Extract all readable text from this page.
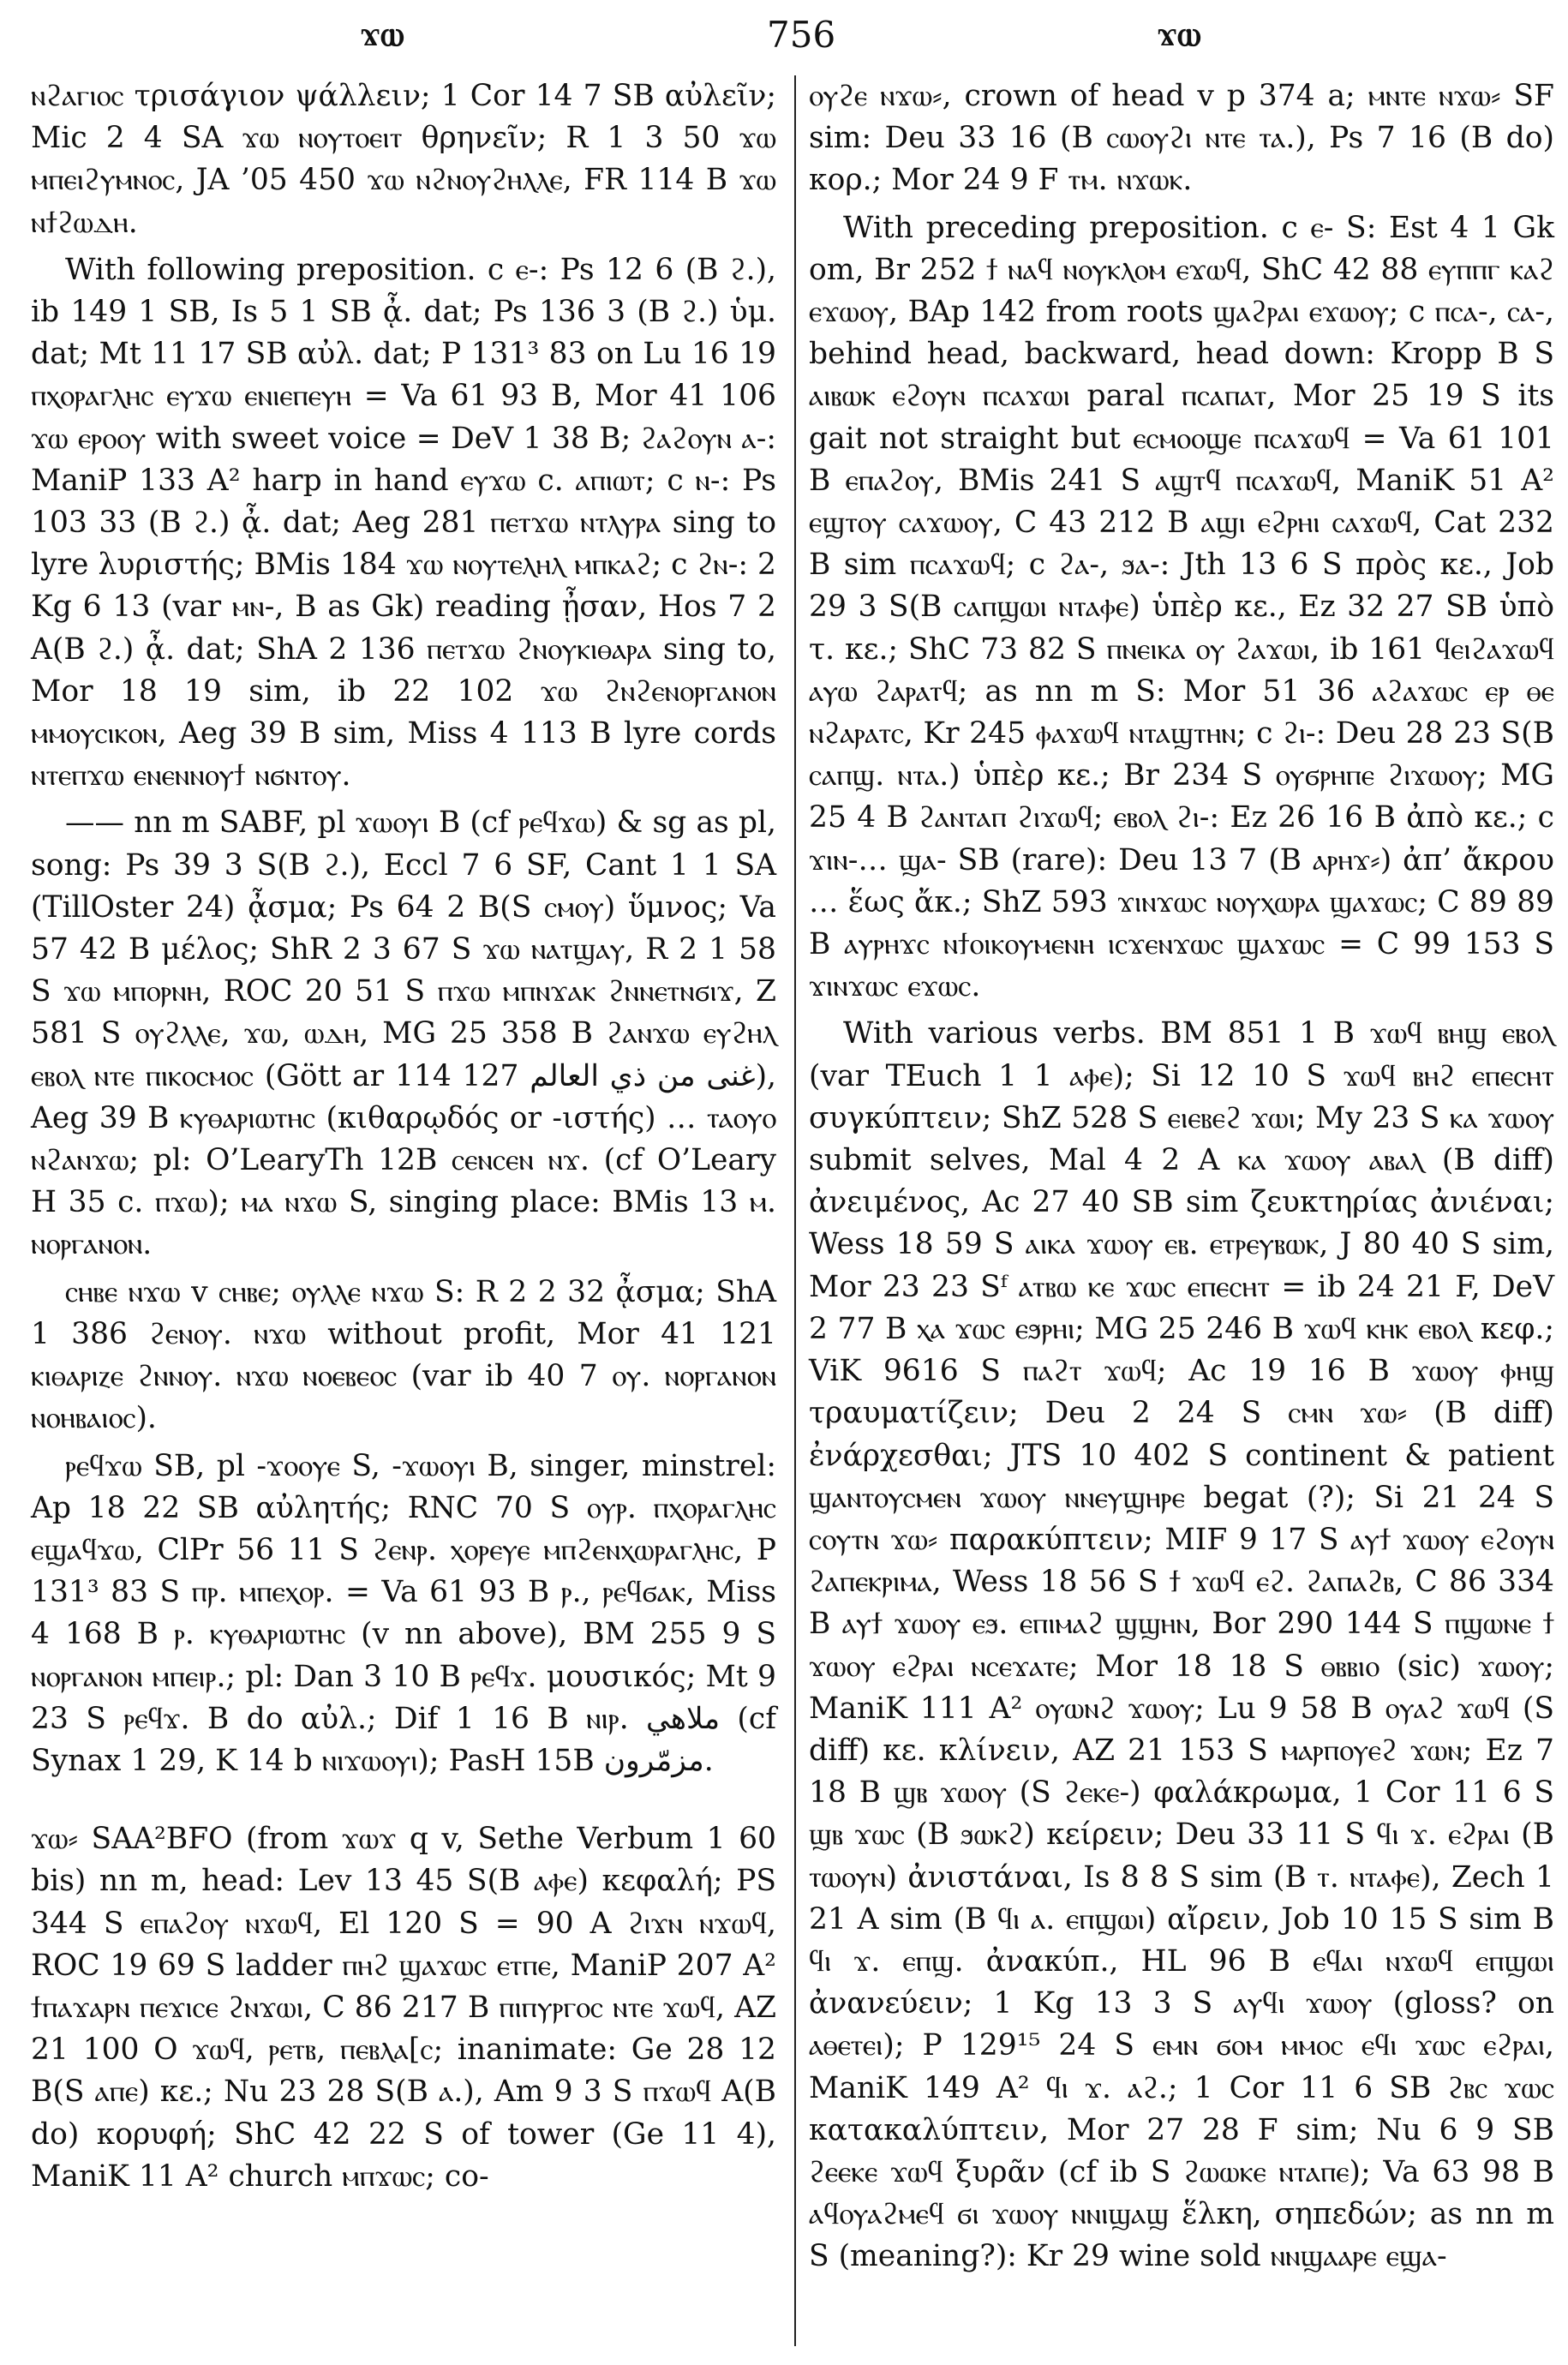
ϫⲱ	756	ϫⲱ

ⲛϩⲁⲅⲓⲟⲥ τρισάγιον ψάλλειν; 1 Cor 14 7 SB αὐλεῖν; Mic 2 4 SA ϫⲱ ⲛⲟⲩⲧⲟⲉⲓⲧ θρηνεῖν; R 1 3 50 ϫⲱ ⲙⲡⲉⲓϩⲩⲙⲛⲟⲥ, JA ’05 450 ϫⲱ ⲛϩⲛⲟⲩϩⲏⲗⲗⲉ, FR 114 B ϫⲱ ⲛϯϩⲱⲇⲏ.

With following preposition. c ⲉ-: Ps 12 6 (B ϩ.), ib 149 1 SB, Is 5 1 SB ᾆ. dat; Ps 136 3 (B ϩ.) ὑμ. dat; Mt 11 17 SB αὐλ. dat; P 131³ 83 on Lu 16 19 ⲡⲭⲟⲣⲁⲅⲗⲏⲥ ⲉⲩϫⲱ ⲉⲛⲓⲉⲡⲉⲩⲏ = Va 61 93 B, Mor 41 106 ϫⲱ ⲉⲣⲟⲟⲩ with sweet voice = DeV 1 38 B; ϩⲁϩⲟⲩⲛ ⲁ-: ManiP 133 A² harp in hand ⲉⲩϫⲱ c. ⲁⲡⲓⲱⲧ; c ⲛ-: Ps 103 33 (B ϩ.) ᾆ. dat; Aeg 281 ⲡⲉⲧϫⲱ ⲛⲧⲗⲩⲣⲁ sing to lyre λυριστής; BMis 184 ϫⲱ ⲛⲟⲩⲧⲉⲗⲏⲗ ⲙⲡⲕⲁϩ; c ϩⲛ-: 2 Kg 6 13 (var ⲙⲛ-, B as Gk) reading ᾖσαν, Hos 7 2 A(B ϩ.) ᾆ. dat; ShA 2 136 ⲡⲉⲧϫⲱ ϩⲛⲟⲩⲕⲓⲑⲁⲣⲁ sing to, Mor 18 19 sim, ib 22 102 ϫⲱ ϩⲛϩⲉⲛⲟⲣⲅⲁⲛⲟⲛ ⲙⲙⲟⲩⲥⲓⲕⲟⲛ, Aeg 39 B sim, Miss 4 113 B lyre cords ⲛⲧⲉⲡϫⲱ ⲉⲛⲉⲛⲛⲟⲩϯ ⲛϭⲛⲧⲟⲩ.

—— nn m SABF, pl ϫⲱⲟⲩⲓ B (cf ⲣⲉϥϫⲱ) & sg as pl, song: Ps 39 3 S(B ϩ.), Eccl 7 6 SF, Cant 1 1 SA (TillOster 24) ᾆσμα; Ps 64 2 B(S ⲥⲙⲟⲩ) ὕμνος; Va 57 42 B μέλος; ShR 2 3 67 S ϫⲱ ⲛⲁⲧϣⲁⲩ, R 2 1 58 S ϫⲱ ⲙⲡⲟⲣⲛⲏ, ROC 20 51 S ⲡϫⲱ ⲙⲡⲛϫⲁⲕ ϩⲛⲛⲉⲧⲛϭⲓϫ, Z 581 S ⲟⲩϩⲗⲗⲉ, ϫⲱ, ⲱⲇⲏ, MG 25 358 B ϩⲁⲛϫⲱ ⲉⲩϩⲏⲗ ⲉⲃⲟⲗ ⲛⲧⲉ ⲡⲓⲕⲟⲥⲙⲟⲥ (Gött ar 114 127 غنى من ذي العالم), Aeg 39 B ⲕⲩⲑⲁⲣⲓⲱⲧⲏⲥ (κιθαρῳδός or -ιστής) … ⲧⲁⲟⲩⲟ ⲛϩⲁⲛϫⲱ; pl: O’LearyTh 12B ⲥⲉⲛⲥⲉⲛ ⲛϫ. (cf O’Leary H 35 c. ⲡϫⲱ); ⲙⲁ ⲛϫⲱ S, singing place: BMis 13 ⲙ. ⲛⲟⲣⲅⲁⲛⲟⲛ.

ⲥⲏⲃⲉ ⲛϫⲱ v ⲥⲏⲃⲉ; ⲟⲩⲗⲗⲉ ⲛϫⲱ S: R 2 2 32 ᾆσμα; ShA 1 386 ϩⲉⲛⲟⲩ. ⲛϫⲱ without profit, Mor 41 121 ⲕⲓⲑⲁⲣⲓⲍⲉ ϩⲛⲛⲟⲩ. ⲛϫⲱ ⲛⲟⲉⲃⲉⲟⲥ (var ib 40 7 ⲟⲩ. ⲛⲟⲣⲅⲁⲛⲟⲛ ⲛⲟⲏⲃⲁⲓⲟⲥ).

ⲣⲉϥϫⲱ SB, pl -ϫⲟⲟⲩⲉ S, -ϫⲱⲟⲩⲓ B, singer, minstrel: Ap 18 22 SB αὐλητής; RNC 70 S ⲟⲩⲣ. ⲡⲭⲟⲣⲁⲅⲗⲏⲥ ⲉϣⲁϥϫⲱ, ClPr 56 11 S ϩⲉⲛⲣ. ⲭⲟⲣⲉⲩⲉ ⲙⲡϩⲉⲛⲭⲱⲣⲁⲅⲗⲏⲥ, P 131³ 83 S ⲡⲣ. ⲙⲡⲉⲭⲟⲣ. = Va 61 93 B ⲣ., ⲣⲉϥϭⲁⲕ, Miss 4 168 B ⲣ. ⲕⲩⲑⲁⲣⲓⲱⲧⲏⲥ (v nn above), BM 255 9 S ⲛⲟⲣⲅⲁⲛⲟⲛ ⲙⲡⲉⲓⲣ.; pl: Dan 3 10 B ⲣⲉϥϫ. μουσικός; Mt 9 23 S ⲣⲉϥϫ. B do αὐλ.; Dif 1 16 B ⲛⲓⲣ. ملاهي (cf Synax 1 29, K 14 b ⲛⲓϫⲱⲟⲩⲓ); PasH 15B مزمّرون.

ϫⲱ⸗ SAA²BFO (from ϫⲱϫ q v, Sethe Verbum 1 60 bis) nn m, head: Lev 13 45 S(B ⲁⲫⲉ) κεφαλή; PS 344 S ⲉⲡⲁϩⲟⲩ ⲛϫⲱϥ, El 120 S = 90 A ϩⲓϫⲛ ⲛϫⲱϥ, ROC 19 69 S ladder ⲡⲏϩ ϣⲁϫⲱⲥ ⲉⲧⲡⲉ, ManiP 207 A² ϯⲡⲁϫⲁⲣⲛ ⲡⲉϫⲓⲥⲉ ϩⲛϫⲱⲓ, C 86 217 B ⲡⲓⲡⲩⲣⲅⲟⲥ ⲛⲧⲉ ϫⲱϥ, AZ 21 100 O ϫⲱϥ, ⲣⲉⲧⲃ, ⲡⲉⲃⲗⲁ[ⲥ; inanimate: Ge 28 12 B(S ⲁⲡⲉ) κε.; Nu 23 28 S(B ⲁ.), Am 9 3 S ⲡϫⲱϥ A(B do) κορυφή; ShC 42 22 S of tower (Ge 11 4), ManiK 11 A² church ⲙⲡϫⲱⲥ; co-

ⲟⲩϩⲉ ⲛϫⲱ⸗, crown of head v p 374 a; ⲙⲛⲧⲉ ⲛϫⲱ⸗ SF sim: Deu 33 16 (B ⲥⲱⲟⲩϩⲓ ⲛⲧⲉ ⲧⲁ.), Ps 7 16 (B do) κορ.; Mor 24 9 F ⲧⲙ. ⲛϫⲱⲕ.

With preceding preposition. c ⲉ- S: Est 4 1 Gk om, Br 252 ϯ ⲛⲁϥ ⲛⲟⲩⲕⲗⲟⲙ ⲉϫⲱϥ, ShC 42 88 ⲉⲩⲡⲡⲅ ⲕⲁϩ ⲉϫⲱⲟⲩ, BAp 142 from roots ϣⲁϩⲣⲁⲓ ⲉϫⲱⲟⲩ; c ⲡⲥⲁ-, ⲥⲁ-, behind head, backward, head down: Kropp B S ⲁⲓⲃⲱⲕ ⲉϩⲟⲩⲛ ⲡⲥⲁϫⲱⲓ paral ⲡⲥⲁⲡⲁⲧ, Mor 25 19 S its gait not straight but ⲉⲥⲙⲟⲟϣⲉ ⲡⲥⲁϫⲱϥ = Va 61 101 B ⲉⲡⲁϩⲟⲩ, BMis 241 S ⲁϣⲧϥ ⲡⲥⲁϫⲱϥ, ManiK 51 A² ⲉϣⲧⲟⲩ ⲥⲁϫⲱⲟⲩ, C 43 212 B ⲁϣⲓ ⲉϩⲣⲏⲓ ⲥⲁϫⲱϥ, Cat 232 B sim ⲡⲥⲁϫⲱϥ; c ϩⲁ-, ϧⲁ-: Jth 13 6 S πρὸς κε., Job 29 3 S(B ⲥⲁⲡϣⲱⲓ ⲛⲧⲁⲫⲉ) ὑπὲρ κε., Ez 32 27 SB ὑπὸ τ. κε.; ShC 73 82 S ⲡⲛⲉⲓⲕⲁ ⲟⲩ ϩⲁϫⲱⲓ, ib 161 ϥⲉⲓϩⲁϫⲱϥ ⲁⲩⲱ ϩⲁⲣⲁⲧϥ; as nn m S: Mor 51 36 ⲁϩⲁϫⲱⲥ ⲉⲣ ⲑⲉ ⲛϩⲁⲣⲁⲧⲥ, Kr 245 ⲫⲁϫⲱϥ ⲛⲧⲁϣⲧⲏⲛ; c ϩⲓ-: Deu 28 23 S(B ⲥⲁⲡϣ. ⲛⲧⲁ.) ὑπὲρ κε.; Br 234 S ⲟⲩϭⲣⲏⲡⲉ ϩⲓϫⲱⲟⲩ; MG 25 4 B ϩⲁⲛⲧⲁⲡ ϩⲓϫⲱϥ; ⲉⲃⲟⲗ ϩⲓ-: Ez 26 16 B ἀπὸ κε.; c ϫⲓⲛ-… ϣⲁ- SB (rare): Deu 13 7 (B ⲁⲣⲏϫ⸗) ἀπ’ ἄκρου … ἕως ἄκ.; ShZ 593 ϫⲓⲛϫⲱⲥ ⲛⲟⲩⲭⲱⲣⲁ ϣⲁϫⲱⲥ; C 89 89 B ⲁⲩⲣⲏϫⲥ ⲛϯⲟⲓⲕⲟⲩⲙⲉⲛⲏ ⲓⲥϫⲉⲛϫⲱⲥ ϣⲁϫⲱⲥ = C 99 153 S ϫⲓⲛϫⲱⲥ ⲉϫⲱⲥ.

With various verbs. BM 851 1 B ϫⲱϥ ⲃⲏϣ ⲉⲃⲟⲗ (var TEuch 1 1 ⲁⲫⲉ); Si 12 10 S ϫⲱϥ ⲃⲏϩ ⲉⲡⲉⲥⲏⲧ συγκύπτειν; ShZ 528 S ⲉⲓⲉⲃⲉϩ ϫⲱⲓ; My 23 S ⲕⲁ ϫⲱⲟⲩ submit selves, Mal 4 2 A ⲕⲁ ϫⲱⲟⲩ ⲁⲃⲁⲗ (B diff) ἀνειμένος, Ac 27 40 SB sim ζευκτηρίας ἀνιέναι; Wess 18 59 S ⲁⲓⲕⲁ ϫⲱⲟⲩ ⲉⲃ. ⲉⲧⲣⲉⲩⲃⲱⲕ, J 80 40 S sim, Mor 23 23 Sᶠ ⲁⲧⲃⲱ ⲕⲉ ϫⲱⲥ ⲉⲡⲉⲥⲏⲧ = ib 24 21 F, DeV 2 77 B ⲭⲁ ϫⲱⲥ ⲉϧⲣⲏⲓ; MG 25 246 B ϫⲱϥ ⲕⲏⲕ ⲉⲃⲟⲗ κεφ.; ViK 9616 S ⲡⲁϩⲧ ϫⲱϥ; Ac 19 16 B ϫⲱⲟⲩ ⲫⲏϣ τραυματίζειν; Deu 2 24 S ⲥⲙⲛ ϫⲱ⸗ (B diff) ἐνάρχεσθαι; JTS 10 402 S continent & patient ϣⲁⲛⲧⲟⲩⲥⲙⲉⲛ ϫⲱⲟⲩ ⲛⲛⲉⲩϣⲏⲣⲉ begat (?); Si 21 24 S ⲥⲟⲩⲧⲛ ϫⲱ⸗ παρακύπτειν; MIF 9 17 S ⲁⲩϯ ϫⲱⲟⲩ ⲉϩⲟⲩⲛ ϩⲁⲡⲉⲕⲣⲓⲙⲁ, Wess 18 56 S ϯ ϫⲱϥ ⲉϩ. ϩⲁⲡⲁϩⲃ, C 86 334 B ⲁⲩϯ ϫⲱⲟⲩ ⲉϧ. ⲉⲡⲓⲙⲁϩ ϣϣⲏⲛ, Bor 290 144 S ⲡϣⲱⲛⲉ ϯ ϫⲱⲟⲩ ⲉϩⲣⲁⲓ ⲛⲥⲉϫⲁⲧⲉ; Mor 18 18 S ⲑⲃⲃⲓⲟ (sic) ϫⲱⲟⲩ; ManiK 111 A² ⲟⲩⲱⲛϩ ϫⲱⲟⲩ; Lu 9 58 B ⲟⲩⲁϩ ϫⲱϥ (S diff) κε. κλίνειν, AZ 21 153 S ⲙⲁⲣⲡⲟⲩⲉϩ ϫⲱⲛ; Ez 7 18 B ϣⲃ ϫⲱⲟⲩ (S ϩⲉⲕⲉ-) φαλάκρωμα, 1 Cor 11 6 S ϣⲃ ϫⲱⲥ (B ϧⲱⲕϩ) κείρειν; Deu 33 11 S ϥⲓ ϫ. ⲉϩⲣⲁⲓ (B ⲧⲱⲟⲩⲛ) ἀνιστάναι, Is 8 8 S sim (B ⲧ. ⲛⲧⲁⲫⲉ), Zech 1 21 A sim (B ϥⲓ ⲁ. ⲉⲡϣⲱⲓ) αἴρειν, Job 10 15 S sim B ϥⲓ ϫ. ⲉⲡϣ. ἀνακύπ., HL 96 B ⲉϥⲁⲓ ⲛϫⲱϥ ⲉⲡϣⲱⲓ ἀνανεύειν; 1 Kg 13 3 S ⲁⲩϥⲓ ϫⲱⲟⲩ (gloss? on ⲁⲑⲉⲧⲉⲓ); P 129¹⁵ 24 S ⲉⲙⲛ ϭⲟⲙ ⲙⲙⲟⲥ ⲉϥⲓ ϫⲱⲥ ⲉϩⲣⲁⲓ, ManiK 149 A² ϥⲓ ϫ. ⲁϩ.; 1 Cor 11 6 SB ϩⲃⲥ ϫⲱⲥ κατακαλύπτειν, Mor 27 28 F sim; Nu 6 9 SB ϩⲉⲉⲕⲉ ϫⲱϥ ξυρᾶν (cf ib S ϩⲱⲱⲕⲉ ⲛⲧⲁⲡⲉ); Va 63 98 B ⲁϥⲟⲩⲁϩⲙⲉϥ ϭⲓ ϫⲱⲟⲩ ⲛⲛⲓϣⲁϣ ἕλκη, σηπεδών; as nn m S (meaning?): Kr 29 wine sold ⲛⲛϣⲁⲁⲣⲉ ⲉϣⲁ-
